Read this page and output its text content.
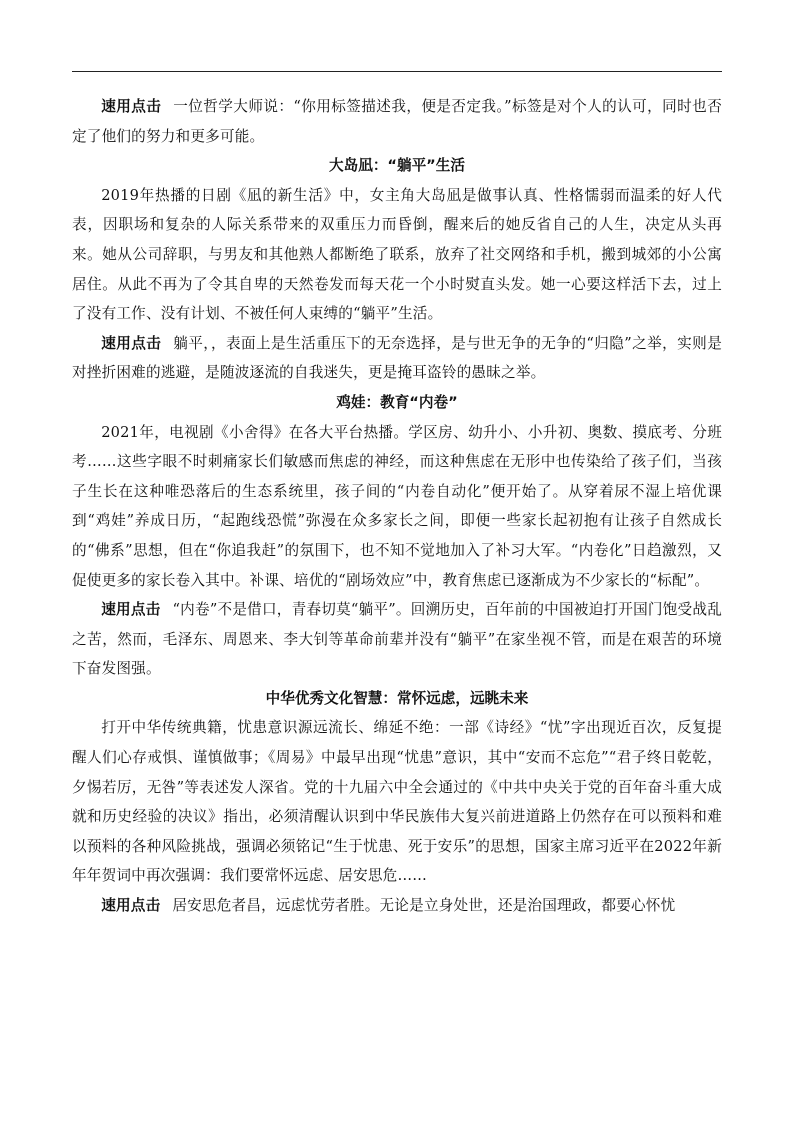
速用点击 一位哲学大师说：“你用标签描述我，便是否定我。”标签是对个人的认可，同时也否定了他们的努力和更多可能。

大岛凪：“躺平”生活

2019年热播的日剧《凪的新生活》中，女主角大岛凪是做事认真、性格懦弱而温柔的好人代表，因职场和复杂的人际关系带来的双重压力而昏倒，醒来后的她反省自己的人生，决定从头再来。她从公司辞职，与男友和其他熟人都断绝了联系，放弃了社交网络和手机，搬到城郊的小公寓居住。从此不再为了令其自卑的天然卷发而每天花一个小时熨直头发。她一心要这样活下去，过上了没有工作、没有计划、不被任何人束缚的“躺平”生活。

速用点击 躺平，，表面上是生活重压下的无奈选择，是与世无争的无争的“归隐”之举，实则是对挫折困难的逃避，是随波逐流的自我迷失，更是掩耳盗铃的愚昧之举。

鸡娃：教育“内卷”

2021年，电视剧《小舍得》在各大平台热播。学区房、幼升小、小升初、奥数、摸底考、分班考……这些字眼不时刺痛家长们敏感而焦虑的神经，而这种焦虑在无形中也传染给了孩子们，当孩子生长在这种唯恐落后的生态系统里，孩子间的“内卷自动化”便开始了。从穿着尿不湿上培优课到“鸡娃”养成日历，“起跑线恐慌”弥漫在众多家长之间，即便一些家长起初抱有让孩子自然成长的“佛系”思想，但在“你追我赶”的氛围下，也不知不觉地加入了补习大军。“内卷化”日趋激烈，又促使更多的家长卷入其中。补课、培优的“剧场效应”中，教育焦虑已逐渐成为不少家长的“标配”。

速用点击 “内卷”不是借口，青春切莫“躺平”。回溯历史，百年前的中国被迫打开国门饱受战乱之苦，然而，毛泽东、周恩来、李大钊等革命前辈并没有“躺平”在家坐视不管，而是在艰苦的环境下奋发图强。

中华优秀文化智慧：常怀远虑，远眺未来

打开中华传统典籍，忧患意识源远流长、绵延不绝：一部《诗经》“忧”字出现近百次，反复提醒人们心存戒惧、谨慎做事；《周易》中最早出现“忧患”意识，其中“安而不忘危”“君子终日乾乾，夕惕若厉，无咎”等表述发人深省。党的十九届六中全会通过的《中共中央关于党的百年奋斗重大成就和历史经验的决议》指出，必须清醒认识到中华民族伟大复兴前进道路上仍然存在可以预料和难以预料的各种风险挑战，强调必须铭记“生于忧患、死于安乐”的思想，国家主席习近平在2022年新年年贺词中再次强调：我们要常怀远虑、居安思危……

速用点击 居安思危者昌，远虑忧劳者胜。无论是立身处世，还是治国理政，都要心怀忧
